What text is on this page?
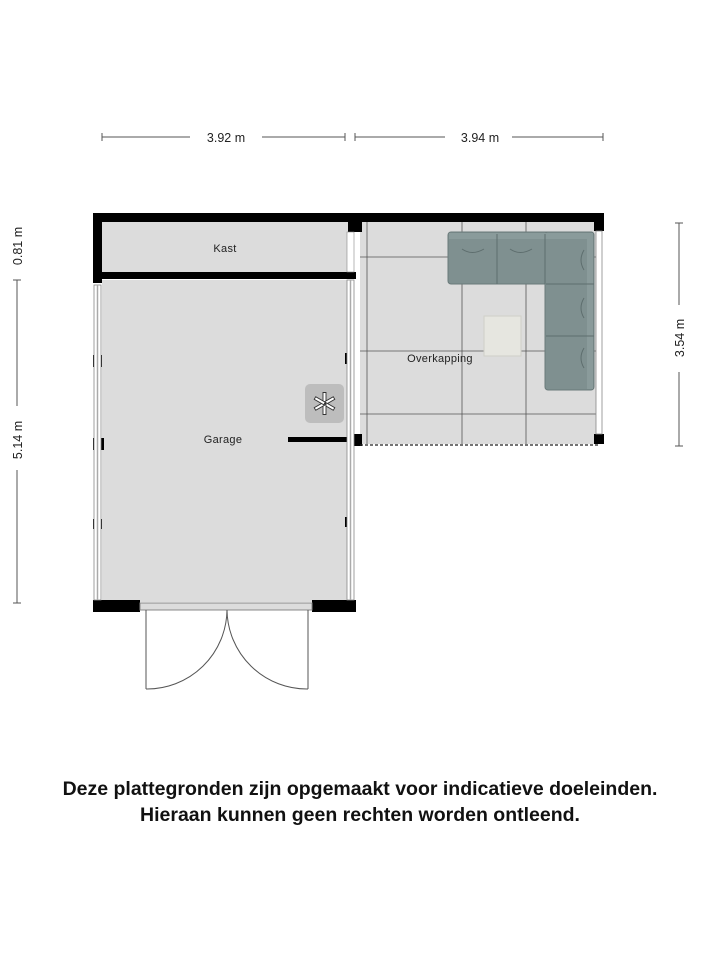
3.92 m	3.94 m
0.81 m
5.14 m
3.54 m
Kast
Garage
Overkapping
Deze plattegronden zijn opgemaakt voor indicatieve doeleinden.
Hieraan kunnen geen rechten worden ontleend.
